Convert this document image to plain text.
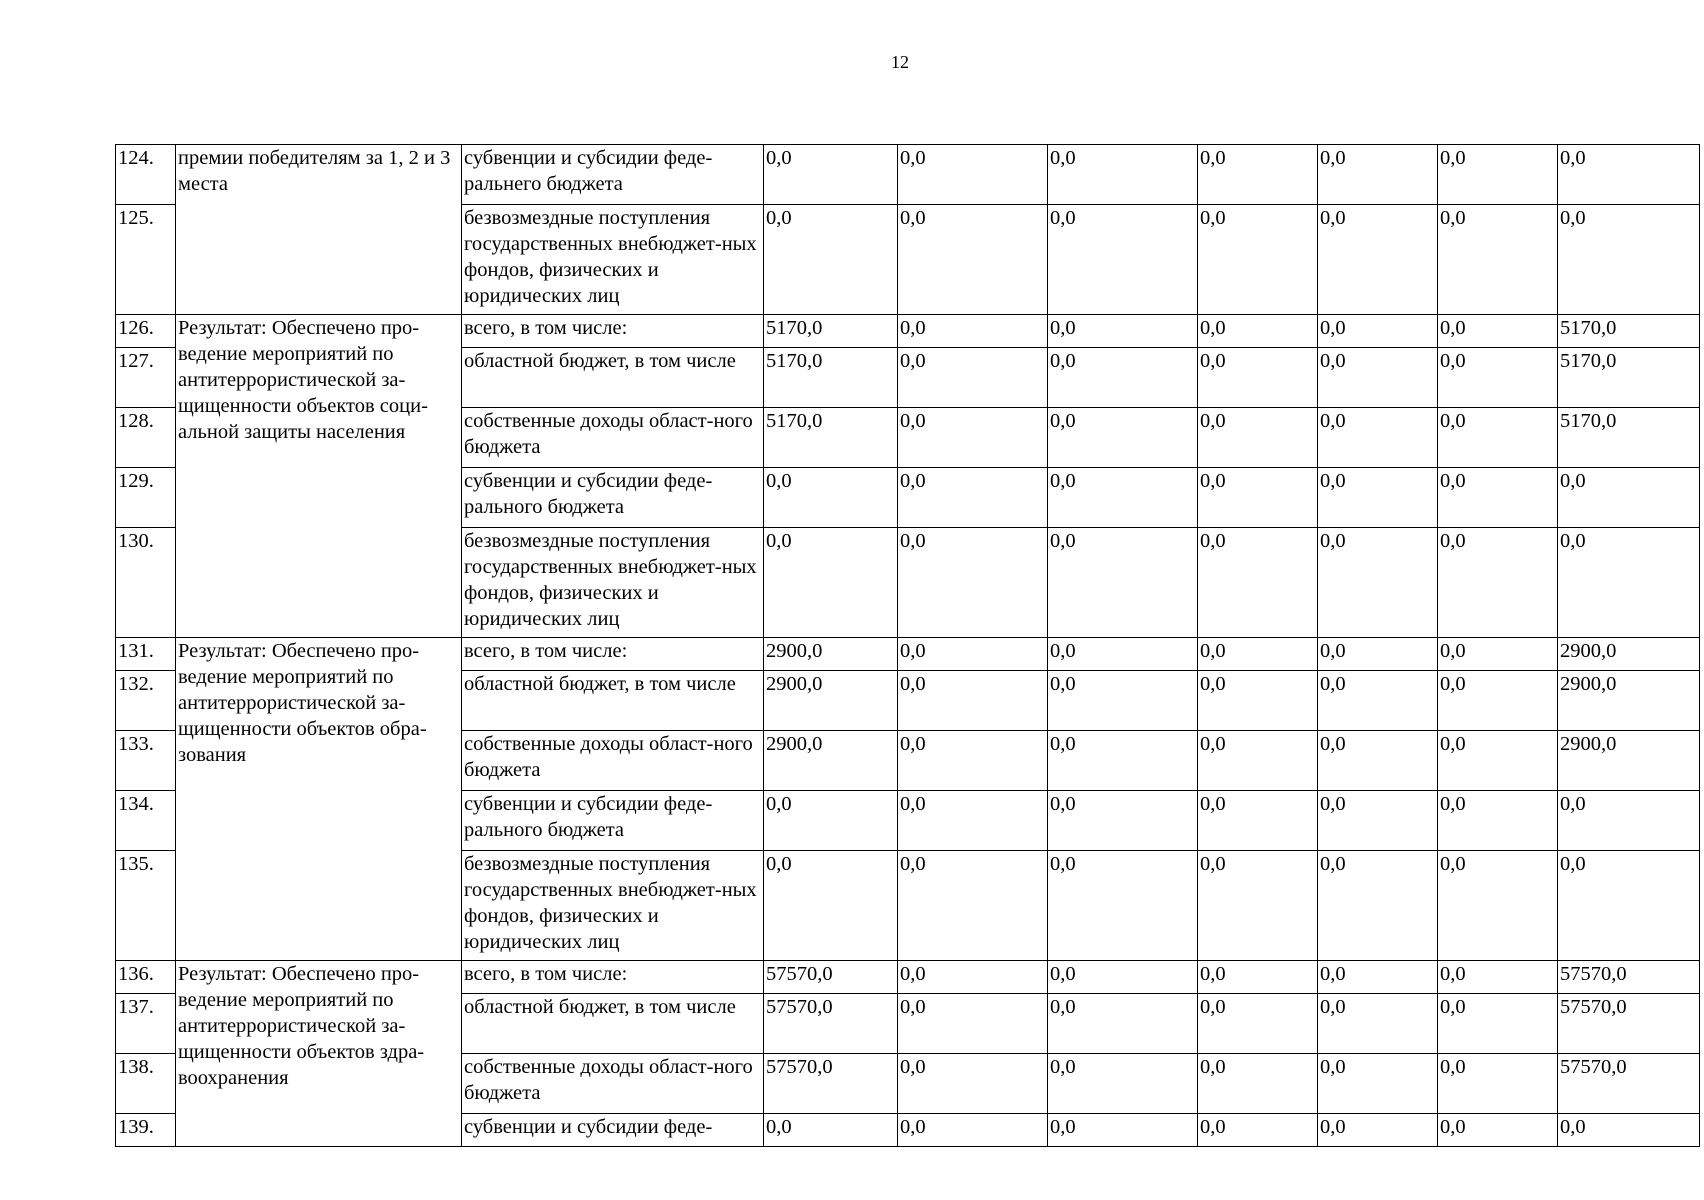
12
124.	премии победителям за 1, 2 и 3 места	субвенции и субсидии феде-ральнего бюджета	0,0	0,0	0,0	0,0	0,0	0,0	0,0
125.		безвозмездные поступления государственных внебюджет-ных фондов, физических и юридических лиц	0,0	0,0	0,0	0,0	0,0	0,0	0,0
126.	Результат: Обеспечено про-ведение мероприятий по антитеррористической за-щищенности объектов соци-альной защиты населения	всего, в том числе:	5170,0	0,0	0,0	0,0	0,0	0,0	5170,0
127.		областной бюджет, в том числе	5170,0	0,0	0,0	0,0	0,0	0,0	5170,0
128.		собственные доходы област-ного бюджета	5170,0	0,0	0,0	0,0	0,0	0,0	5170,0
129.		субвенции и субсидии феде-рального бюджета	0,0	0,0	0,0	0,0	0,0	0,0	0,0
130.		безвозмездные поступления государственных внебюджет-ных фондов, физических и юридических лиц	0,0	0,0	0,0	0,0	0,0	0,0	0,0
131.	Результат: Обеспечено про-ведение мероприятий по антитеррористической за-щищенности объектов обра-зования	всего, в том числе:	2900,0	0,0	0,0	0,0	0,0	0,0	2900,0
132.		областной бюджет, в том числе	2900,0	0,0	0,0	0,0	0,0	0,0	2900,0
133.		собственные доходы област-ного бюджета	2900,0	0,0	0,0	0,0	0,0	0,0	2900,0
134.		субвенции и субсидии феде-рального бюджета	0,0	0,0	0,0	0,0	0,0	0,0	0,0
135.		безвозмездные поступления государственных внебюджет-ных фондов, физических и юридических лиц	0,0	0,0	0,0	0,0	0,0	0,0	0,0
136.	Результат: Обеспечено про-ведение мероприятий по антитеррористической за-щищенности объектов здра-воохранения	всего, в том числе:	57570,0	0,0	0,0	0,0	0,0	0,0	57570,0
137.		областной бюджет, в том числе	57570,0	0,0	0,0	0,0	0,0	0,0	57570,0
138.		собственные доходы област-ного бюджета	57570,0	0,0	0,0	0,0	0,0	0,0	57570,0
139.		субвенции и субсидии феде-	0,0	0,0	0,0	0,0	0,0	0,0	0,0
